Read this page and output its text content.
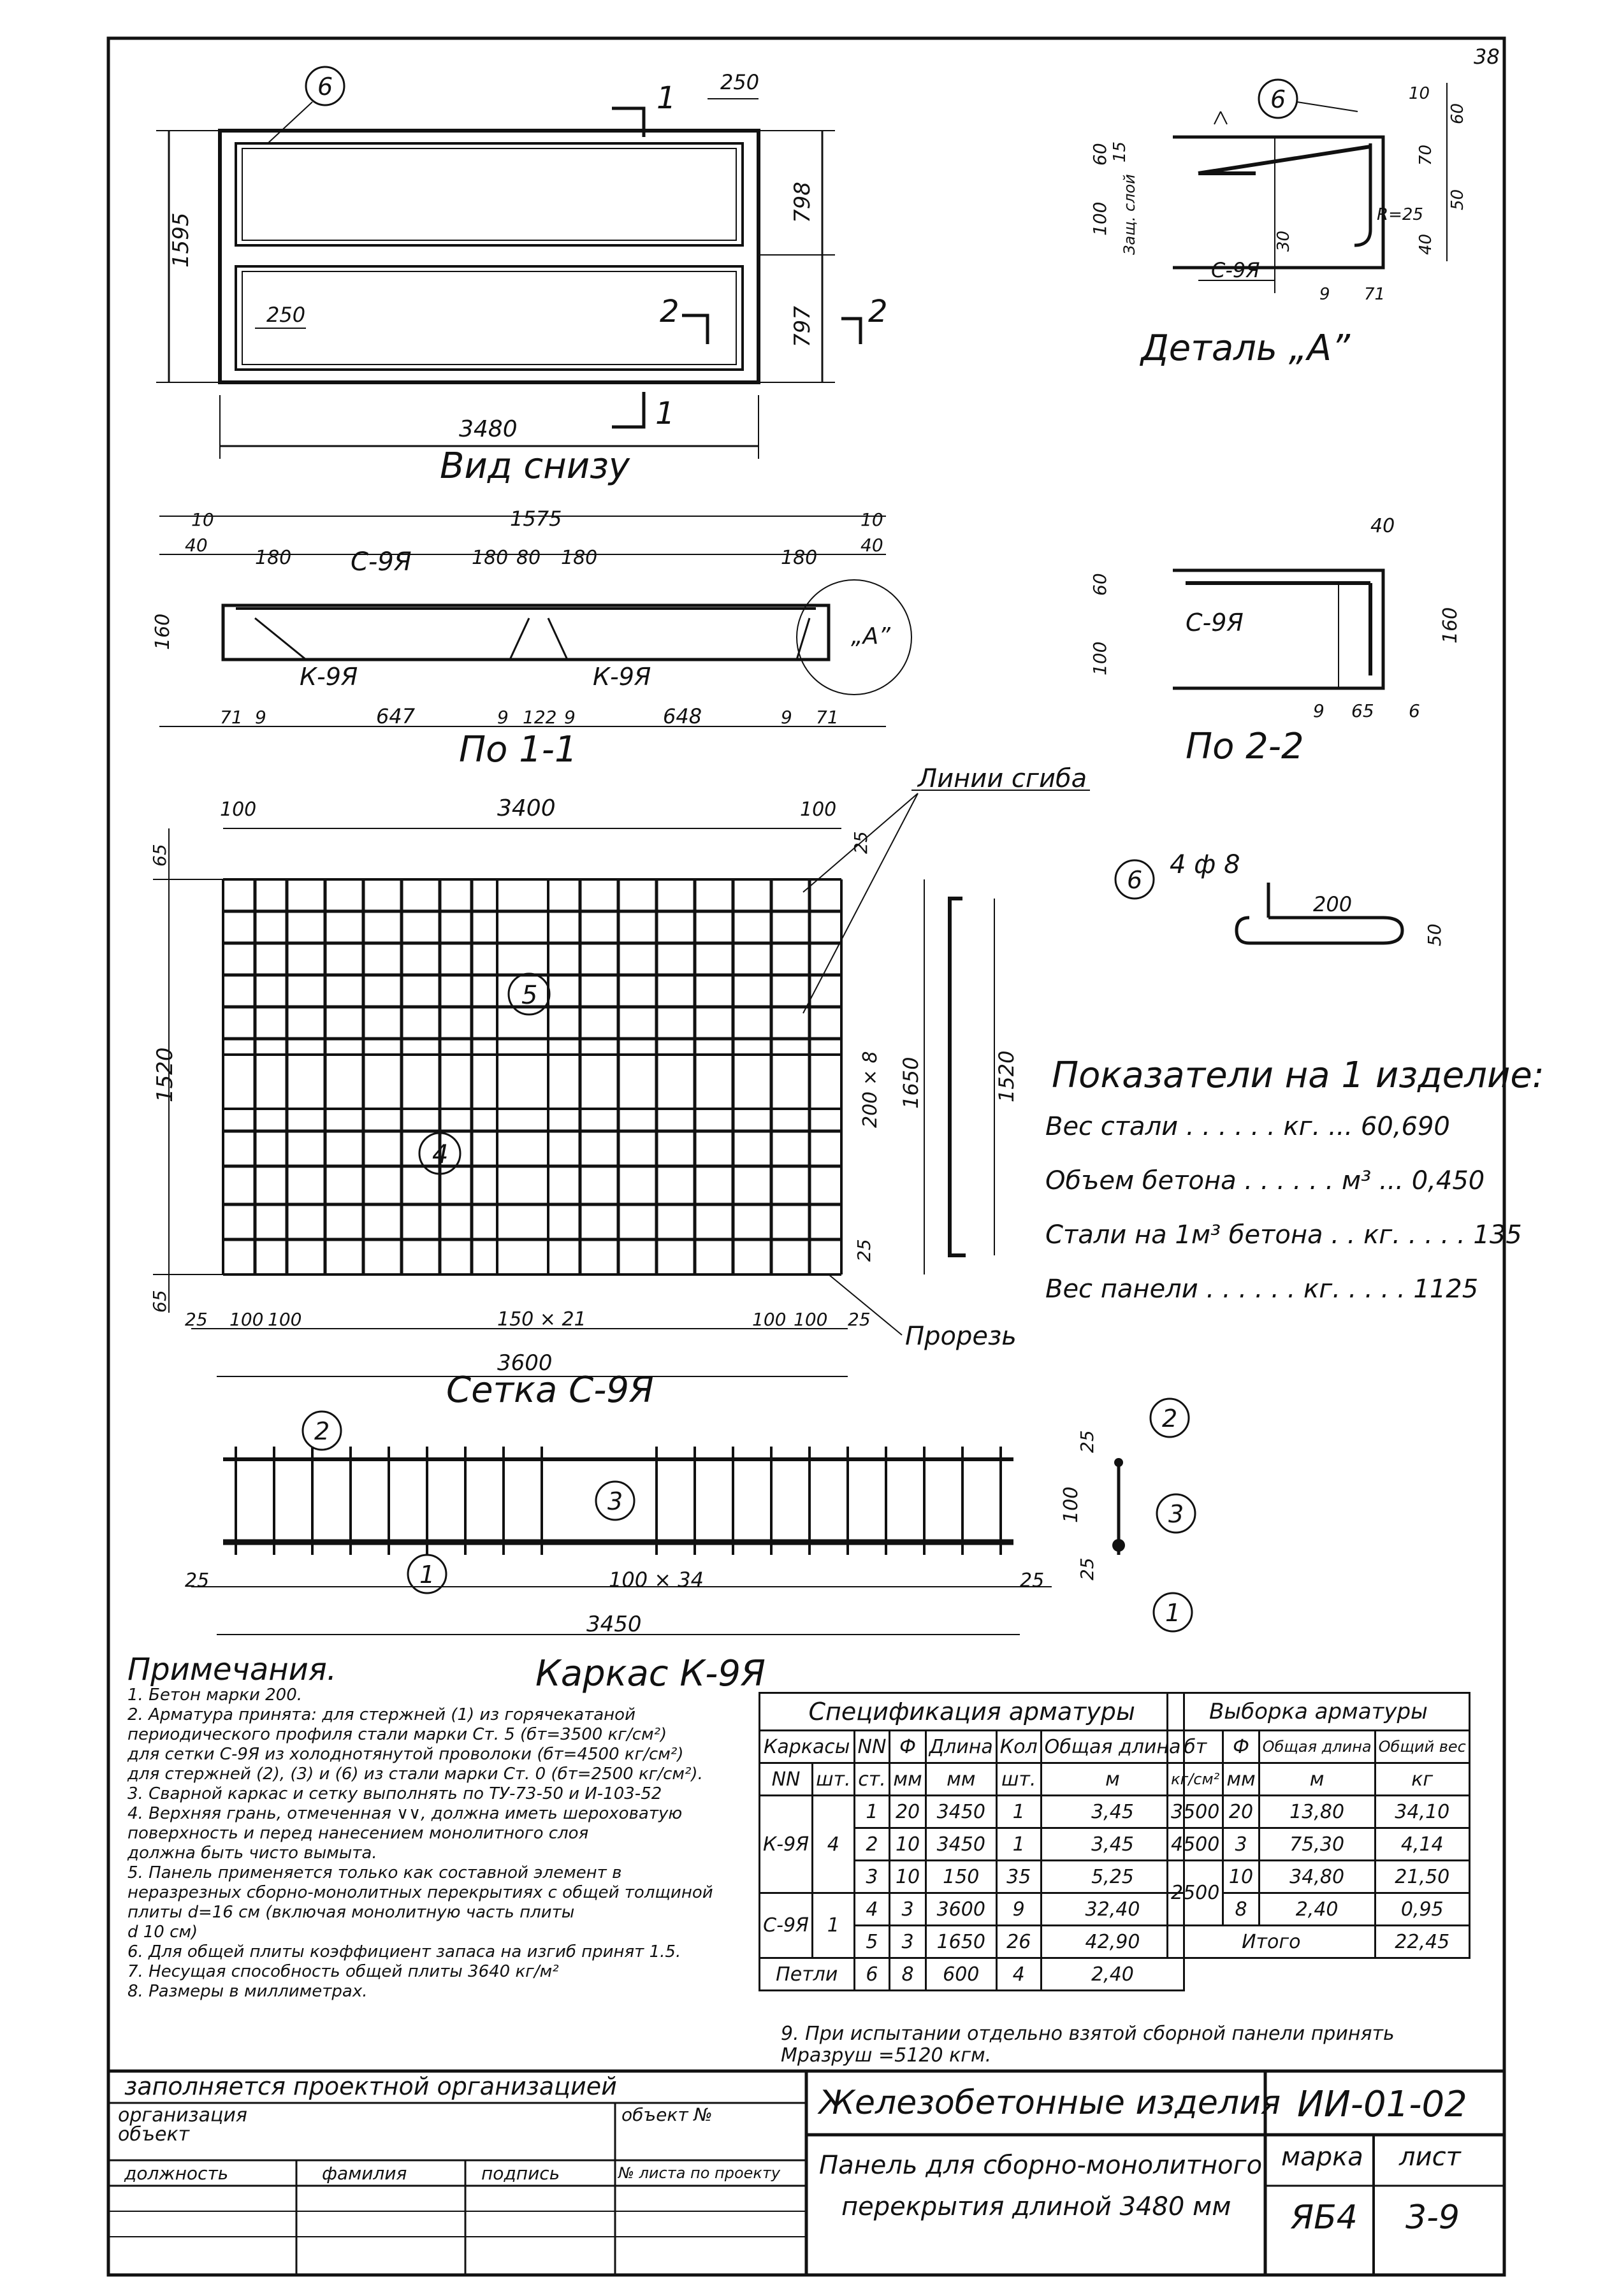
38
1595
798
797
3480
Вид снизу
250
250
1
1
2	2
6
60 15
100 Защ. слой	30
С-9Я
9 71
10
60
70
50
40
R=25
6
Деталь „А”
„А”
10	1575	10
40
180	180 80 180	180
40
С-9Я
160
К-9Я	К-9Я
71 9	647	9 122 9	648	9 71
По 1-1
40
60
100
160
9 65 6
С-9Я
По 2-2
6
4 ф 8
200
50
100	3400	100
65
1520
65
25 100 100	150 × 21	100 100 25
3600
Сетка С-9Я
5
4
25
200 × 8 1650	1520
25
Линии сгиба
Прорезь
25	100 × 34	25
3450
Каркас К-9Я
2
3
1
25
100
25
2
3
1
Показатели на 1 изделие:
Вес стали . . . . . . кг. ... 60,690
Объем бетона . . . . . . м³ ... 0,450
Стали на 1м³ бетона . . кг. . . . . 135
Вес панели . . . . . . кг. . . . . 1125
Примечания.
1. Бетон марки 200.
2. Арматура принята: для стержней (1) из горячекатаной
периодического профиля стали марки Ст. 5 (бт=3500 кг/см²)
для сетки С-9Я из холоднотянутой проволоки (бт=4500 кг/см²)
для стержней (2), (3) и (6) из стали марки Ст. 0 (бт=2500 кг/см²).
3. Сварной каркас и сетку выполнять по ТУ-73-50 и И-103-52
4. Верхняя грань, отмеченная ∨∨, должна иметь шероховатую поверхность и перед нанесением монолитного слоя
должна быть чисто вымыта.
5. Панель применяется только как составной элемент в неразрезных сборно-монолитных перекрытиях с общей толщиной плиты d=16 см (включая монолитную часть плиты
d 10 см)
6. Для общей плиты коэффициент запаса на изгиб принят 1.5.
7. Несущая способность общей плиты 3640 кг/м²
8. Размеры в миллиметрах.
Спецификация арматуры						
Каркасы		NN	Ф	Длина	Кол	Общая длина
NN	шт.	ст.	мм	мм	шт.	м
К-9Я	4	1	20	3450	1	3,45
		2	10	3450	1	3,45
		3	10	150	35	5,25
С-9Я	1	4	3	3600	9	32,40
		5	3	1650	26	42,90
Петли		6	8	600	4	2,40
Выборка арматуры			
бт	Ф	Общая длина	Общий вес
кг/см²	мм	м	кг
3500	20	13,80	34,10
4500	3	75,30	4,14
2500	10	34,80	21,50
	8	2,40	0,95
Итого			22,45
9. При испытании отдельно взятой сборной панели принять Мразруш =5120 кгм.
заполняется проектной организацией
организация
объект
объект №
должность	фамилия	подпись	№ листа по проекту
Железобетонные изделия ИИ-01-02
Панель для сборно-монолитного
перекрытия длиной 3480 мм
марка лист
ЯБ4 3-9
